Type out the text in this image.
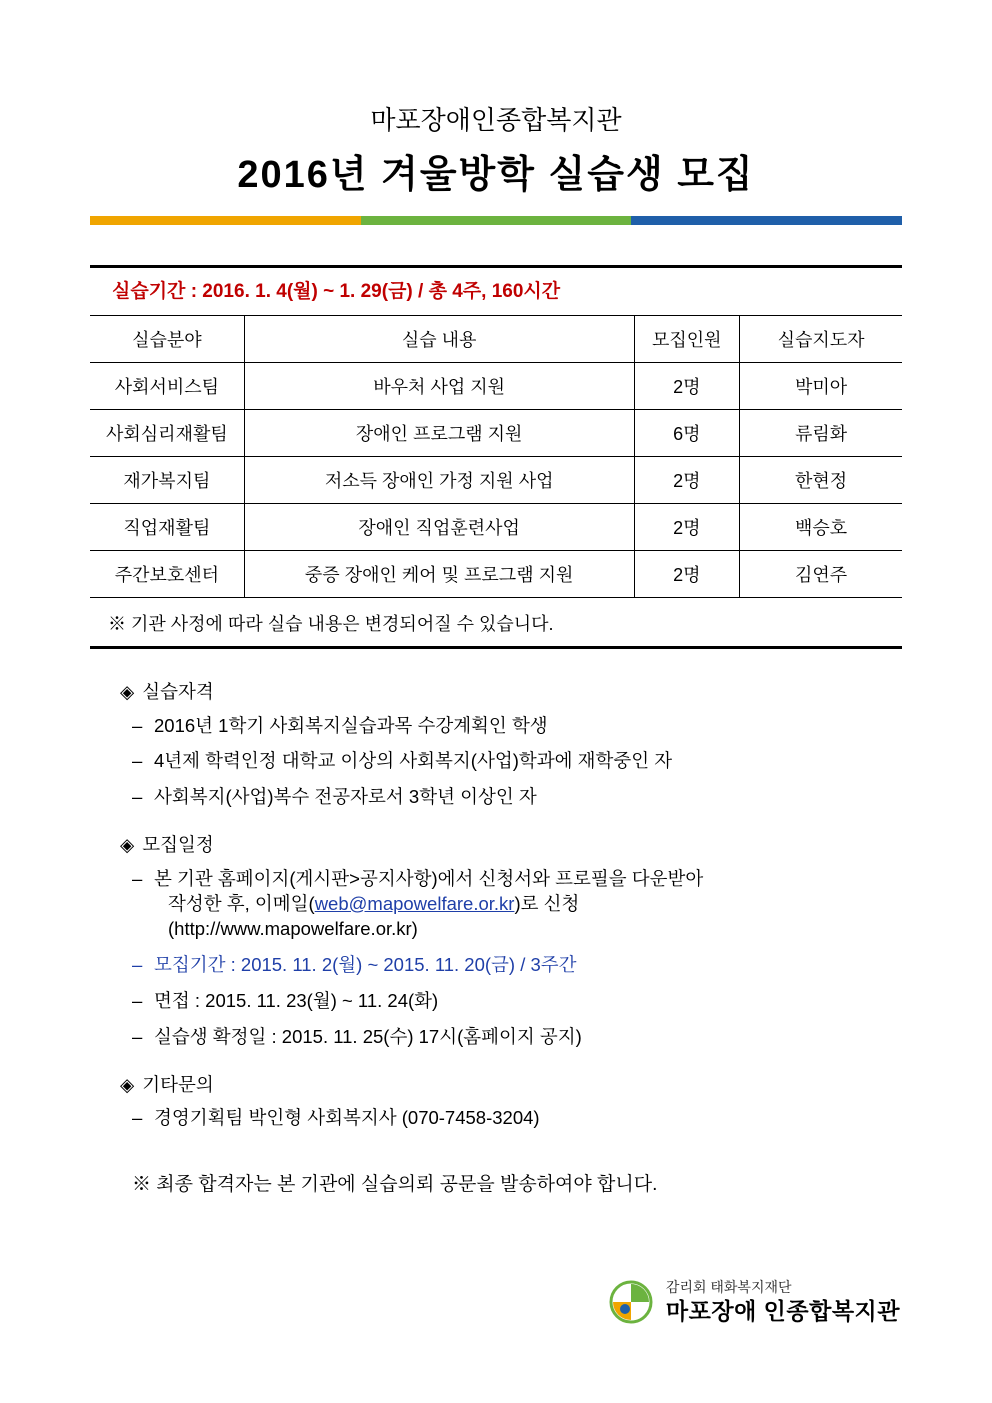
마포장애인종합복지관
2016년 겨울방학 실습생 모집
실습기간 : 2016. 1. 4(월) ~ 1. 29(금) / 총 4주, 160시간
실습분야	실습 내용	모집인원	실습지도자
사회서비스팀	바우처 사업 지원	2명	박미아
사회심리재활팀	장애인 프로그램 지원	6명	류림화
재가복지팀	저소득 장애인 가정 지원 사업	2명	한현정
직업재활팀	장애인 직업훈련사업	2명	백승호
주간보호센터	중증 장애인 케어 및 프로그램 지원	2명	김연주
※ 기관 사정에 따라 실습 내용은 변경되어질 수 있습니다.
◈ 실습자격
– 2016년 1학기 사회복지실습과목 수강계획인 학생
– 4년제 학력인정 대학교 이상의 사회복지(사업)학과에 재학중인 자
– 사회복지(사업)복수 전공자로서 3학년 이상인 자
◈ 모집일정
– 본 기관 홈페이지(게시판>공지사항)에서 신청서와 프로필을 다운받아
작성한 후, 이메일(web@mapowelfare.or.kr)로 신청
(http://www.mapowelfare.or.kr)
– 모집기간 : 2015. 11. 2(월) ~ 2015. 11. 20(금) / 3주간
– 면접 : 2015. 11. 23(월) ~ 11. 24(화)
– 실습생 확정일 : 2015. 11. 25(수) 17시(홈페이지 공지)
◈ 기타문의
– 경영기획팀 박인형 사회복지사 (070-7458-3204)
※ 최종 합격자는 본 기관에 실습의뢰 공문을 발송하여야 합니다.
감리회 태화복지재단
마포장애 인종합복지관
